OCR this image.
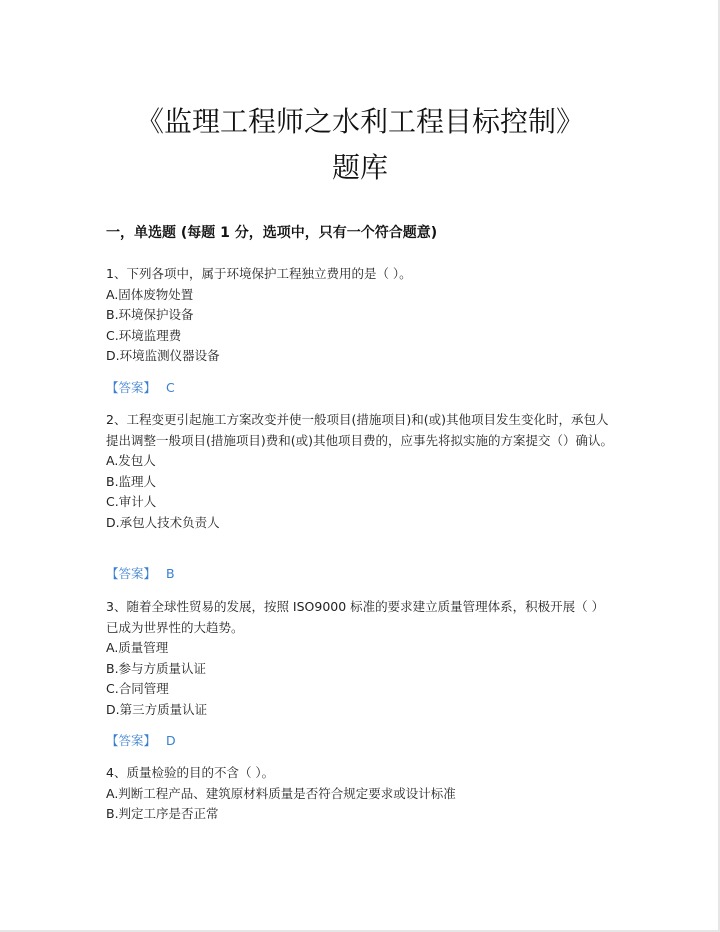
《监理工程师之水利工程目标控制》
题库
一，单选题 (每题 1 分，选项中，只有一个符合题意)

1、下列各项中，属于环境保护工程独立费用的是（ ）。

A.固体废物处置
B.环境保护设备
C.环境监理费
D.环境监测仪器设备
【答案】 C

2、工程变更引起施工方案改变并使一般项目(措施项目)和(或)其他项目发生变化时，承包人提出调整一般项目(措施项目)费和(或)其他项目费的，应事先将拟实施的方案提交（）确认。

A.发包人
B.监理人
C.审计人
D.承包人技术负责人
【答案】 B

3、随着全球性贸易的发展，按照 ISO9000 标准的要求建立质量管理体系，积极开展（ ）已成为世界性的大趋势。

A.质量管理
B.参与方质量认证
C.合同管理
D.第三方质量认证
【答案】 D

4、质量检验的目的不含（ ）。

A.判断工程产品、建筑原材料质量是否符合规定要求或设计标准
B.判定工序是否正常
